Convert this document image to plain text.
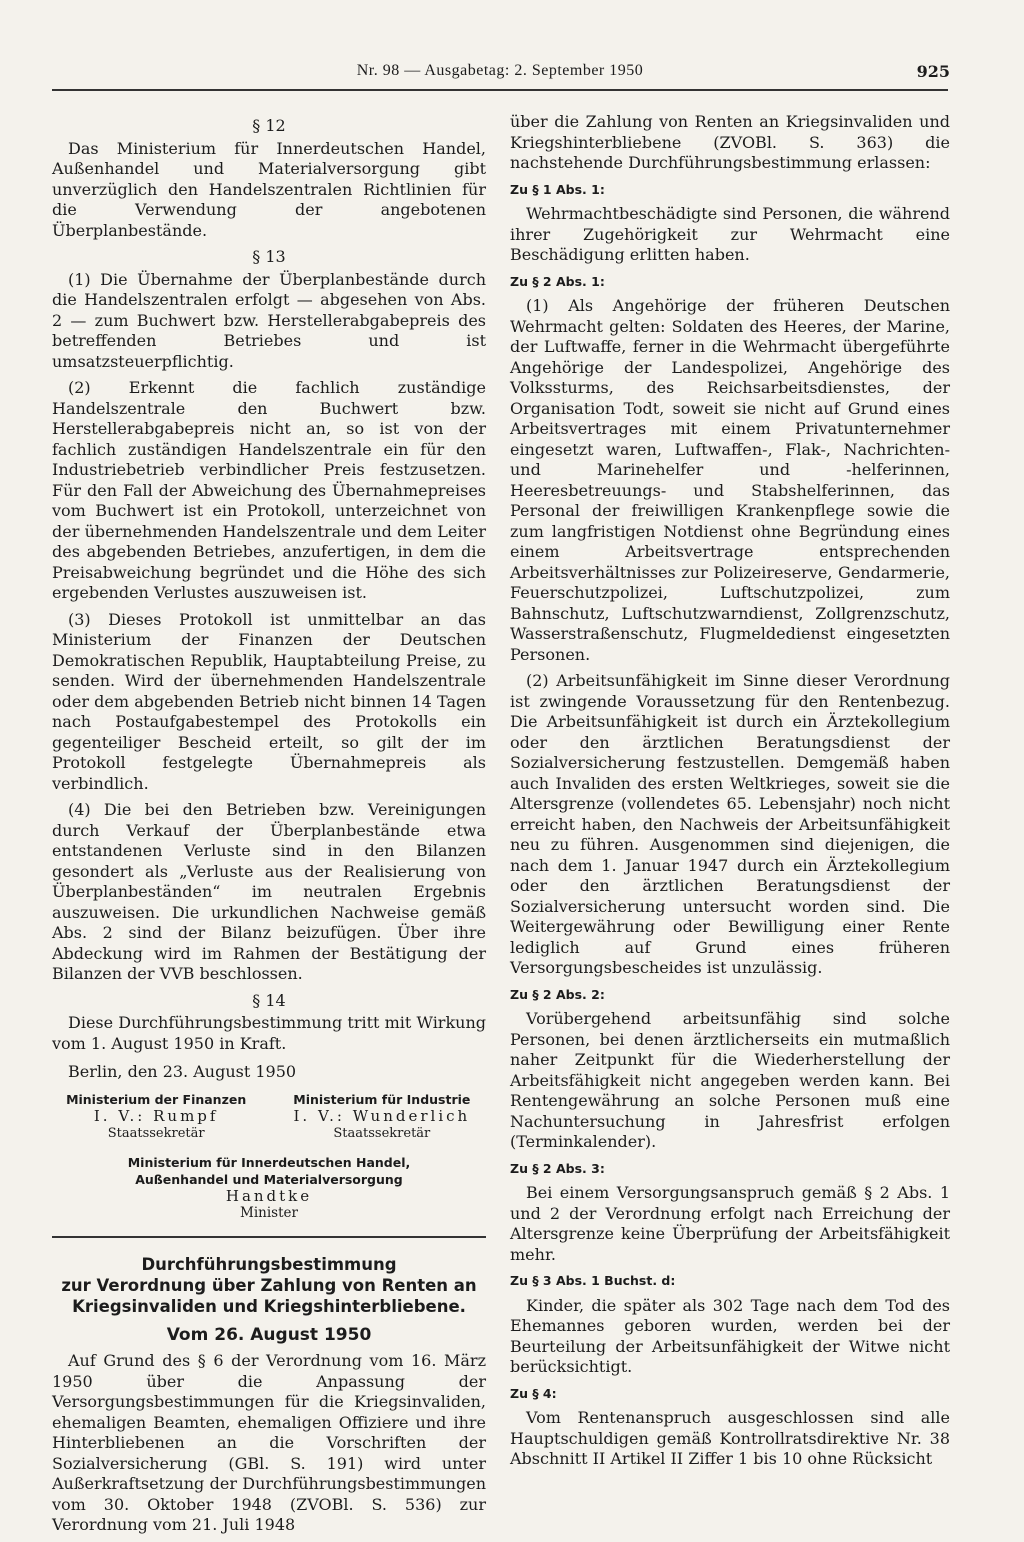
Nr. 98 — Ausgabetag: 2. September 1950	925
§ 12

Das Ministerium für Innerdeutschen Handel, Außenhandel und Materialversorgung gibt unverzüglich den Handelszentralen Richtlinien für die Verwendung der angebotenen Überplanbestände.

§ 13

(1) Die Übernahme der Überplanbestände durch die Handelszentralen erfolgt — abgesehen von Abs. 2 — zum Buchwert bzw. Herstellerabgabepreis des betreffenden Betriebes und ist umsatzsteuerpflichtig.

(2) Erkennt die fachlich zuständige Handelszentrale den Buchwert bzw. Herstellerabgabepreis nicht an, so ist von der fachlich zuständigen Handelszentrale ein für den Industriebetrieb verbindlicher Preis festzusetzen. Für den Fall der Abweichung des Übernahmepreises vom Buchwert ist ein Protokoll, unterzeichnet von der übernehmenden Handelszentrale und dem Leiter des abgebenden Betriebes, anzufertigen, in dem die Preisabweichung begründet und die Höhe des sich ergebenden Verlustes auszuweisen ist.

(3) Dieses Protokoll ist unmittelbar an das Ministerium der Finanzen der Deutschen Demokratischen Republik, Hauptabteilung Preise, zu senden. Wird der übernehmenden Handelszentrale oder dem abgebenden Betrieb nicht binnen 14 Tagen nach Postaufgabestempel des Protokolls ein gegenteiliger Bescheid erteilt, so gilt der im Protokoll festgelegte Übernahmepreis als verbindlich.

(4) Die bei den Betrieben bzw. Vereinigungen durch Verkauf der Überplanbestände etwa entstandenen Verluste sind in den Bilanzen gesondert als „Verluste aus der Realisierung von Überplanbeständen“ im neutralen Ergebnis auszuweisen. Die urkundlichen Nachweise gemäß Abs. 2 sind der Bilanz beizufügen. Über ihre Abdeckung wird im Rahmen der Bestätigung der Bilanzen der VVB beschlossen.

§ 14

Diese Durchführungsbestimmung tritt mit Wirkung vom 1. August 1950 in Kraft.

Berlin, den 23. August 1950

Ministerium der Finanzen
I. V.: Rumpf
Staatssekretär
Ministerium für Industrie
I. V.: Wunderlich
Staatssekretär
Ministerium für Innerdeutschen Handel,
Außenhandel und Materialversorgung
Handtke
Minister
Durchführungsbestimmung
zur Verordnung über Zahlung von Renten an
Kriegsinvaliden und Kriegshinterbliebene.
Vom 26. August 1950

Auf Grund des § 6 der Verordnung vom 16. März 1950 über die Anpassung der Versorgungsbestimmungen für die Kriegsinvaliden, ehemaligen Beamten, ehemaligen Offiziere und ihre Hinterbliebenen an die Vorschriften der Sozialversicherung (GBl. S. 191) wird unter Außerkraftsetzung der Durchführungsbestimmungen vom 30. Oktober 1948 (ZVOBl. S. 536) zur Verordnung vom 21. Juli 1948

über die Zahlung von Renten an Kriegsinvaliden und Kriegshinterbliebene (ZVOBl. S. 363) die nachstehende Durchführungsbestimmung erlassen:

Zu § 1 Abs. 1:

Wehrmachtbeschädigte sind Personen, die während ihrer Zugehörigkeit zur Wehrmacht eine Beschädigung erlitten haben.

Zu § 2 Abs. 1:

(1) Als Angehörige der früheren Deutschen Wehrmacht gelten: Soldaten des Heeres, der Marine, der Luftwaffe, ferner in die Wehrmacht übergeführte Angehörige der Landespolizei, Angehörige des Volkssturms, des Reichsarbeitsdienstes, der Organisation Todt, soweit sie nicht auf Grund eines Arbeitsvertrages mit einem Privatunternehmer eingesetzt waren, Luftwaffen-, Flak-, Nachrichten- und Marinehelfer und -helferinnen, Heeresbetreuungs- und Stabshelferinnen, das Personal der freiwilligen Krankenpflege sowie die zum langfristigen Notdienst ohne Begründung eines einem Arbeitsvertrage entsprechenden Arbeitsverhältnisses zur Polizeireserve, Gendarmerie, Feuerschutzpolizei, Luftschutzpolizei, zum Bahnschutz, Luftschutzwarndienst, Zollgrenzschutz, Wasserstraßenschutz, Flugmeldedienst eingesetzten Personen.

(2) Arbeitsunfähigkeit im Sinne dieser Verordnung ist zwingende Voraussetzung für den Rentenbezug. Die Arbeitsunfähigkeit ist durch ein Ärztekollegium oder den ärztlichen Beratungsdienst der Sozialversicherung festzustellen. Demgemäß haben auch Invaliden des ersten Weltkrieges, soweit sie die Altersgrenze (vollendetes 65. Lebensjahr) noch nicht erreicht haben, den Nachweis der Arbeitsunfähigkeit neu zu führen. Ausgenommen sind diejenigen, die nach dem 1. Januar 1947 durch ein Ärztekollegium oder den ärztlichen Beratungsdienst der Sozialversicherung untersucht worden sind. Die Weitergewährung oder Bewilligung einer Rente lediglich auf Grund eines früheren Versorgungsbescheides ist unzulässig.

Zu § 2 Abs. 2:

Vorübergehend arbeitsunfähig sind solche Personen, bei denen ärztlicherseits ein mutmaßlich naher Zeitpunkt für die Wiederherstellung der Arbeitsfähigkeit nicht angegeben werden kann. Bei Rentengewährung an solche Personen muß eine Nachuntersuchung in Jahresfrist erfolgen (Terminkalender).

Zu § 2 Abs. 3:

Bei einem Versorgungsanspruch gemäß § 2 Abs. 1 und 2 der Verordnung erfolgt nach Erreichung der Altersgrenze keine Überprüfung der Arbeitsfähigkeit mehr.

Zu § 3 Abs. 1 Buchst. d:

Kinder, die später als 302 Tage nach dem Tod des Ehemannes geboren wurden, werden bei der Beurteilung der Arbeitsunfähigkeit der Witwe nicht berücksichtigt.

Zu § 4:

Vom Rentenanspruch ausgeschlossen sind alle Hauptschuldigen gemäß Kontrollratsdirektive Nr. 38 Abschnitt II Artikel II Ziffer 1 bis 10 ohne Rücksicht
